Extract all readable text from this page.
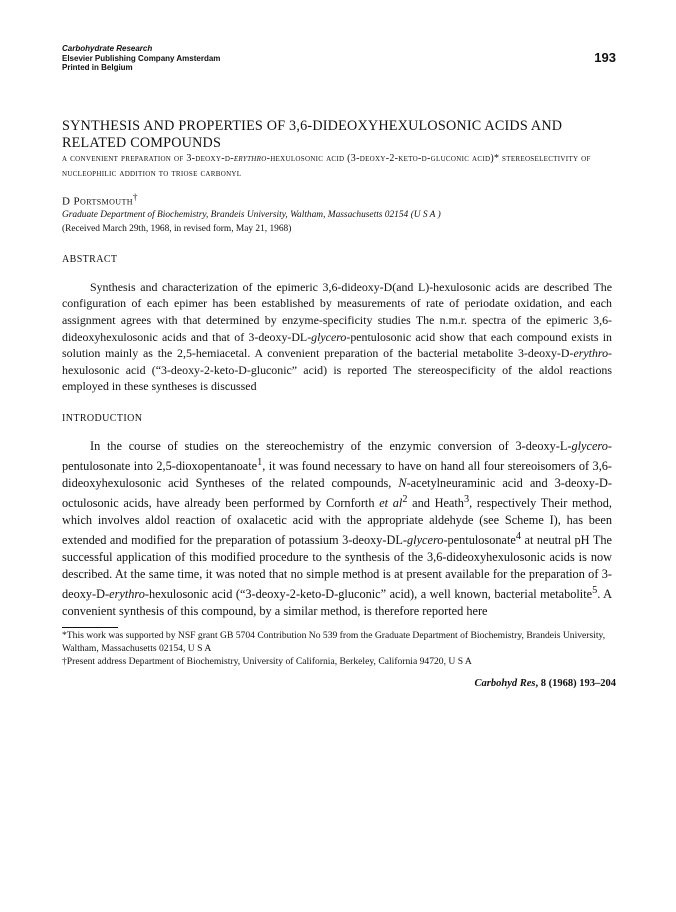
Carbohydrate Research
Elsevier Publishing Company Amsterdam
Printed in Belgium
193
SYNTHESIS AND PROPERTIES OF 3,6-DIDEOXYHEXULOSONIC ACIDS AND RELATED COMPOUNDS
a convenient preparation of 3-deoxy-d-erythro-hexulosonic acid (3-deoxy-2-keto-d-gluconic acid)* stereoselectivity of nucleophilic addition to triose carbonyl
D Portsmouth†
Graduate Department of Biochemistry, Brandeis University, Waltham, Massachusetts 02154 (U S A )
(Received March 29th, 1968, in revised form, May 21, 1968)
ABSTRACT

Synthesis and characterization of the epimeric 3,6-dideoxy-D(and L)-hexulosonic acids are described The configuration of each epimer has been established by measurements of rate of periodate oxidation, and each assignment agrees with that determined by enzyme-specificity studies The n.m.r. spectra of the epimeric 3,6-dideoxyhexulosonic acids and that of 3-deoxy-DL-glycero-pentulosonic acid show that each compound exists in solution mainly as the 2,5-hemiacetal. A convenient preparation of the bacterial metabolite 3-deoxy-D-erythro-hexulosonic acid (“3-deoxy-2-keto-D-gluconic” acid) is reported The stereospecificity of the aldol reactions employed in these syntheses is discussed

INTRODUCTION

In the course of studies on the stereochemistry of the enzymic conversion of 3-deoxy-L-glycero-pentulosonate into 2,5-dioxopentanoate$^1$, it was found necessary to have on hand all four stereoisomers of 3,6-dideoxyhexulosonic acid Syntheses of the related compounds, N-acetylneuraminic acid and 3-deoxy-D-octulosonic acids, have already been performed by Cornforth et $al^2$ and Heath$^3$, respectively Their method, which involves aldol reaction of oxalacetic acid with the appropriate aldehyde (see Scheme I), has been extended and modified for the preparation of potassium 3-deoxy-DL-glycero-pentulosonate$^4$ at neutral pH The successful application of this modified procedure to the synthesis of the 3,6-dideoxyhexulosonic acids is now described. At the same time, it was noted that no simple method is at present available for the preparation of 3-deoxy-D-erythro-hexulosonic acid (“3-deoxy-2-keto-D-gluconic” acid), a well known, bacterial metabolite$^5$. A convenient synthesis of this compound, by a similar method, is therefore reported here

*This work was supported by NSF grant GB 5704 Contribution No 539 from the Graduate Department of Biochemistry, Brandeis University, Waltham, Massachusetts 02154, U S A

†Present address Department of Biochemistry, University of California, Berkeley, California 94720, U S A

Carbohyd Res, 8 (1968) 193–204
